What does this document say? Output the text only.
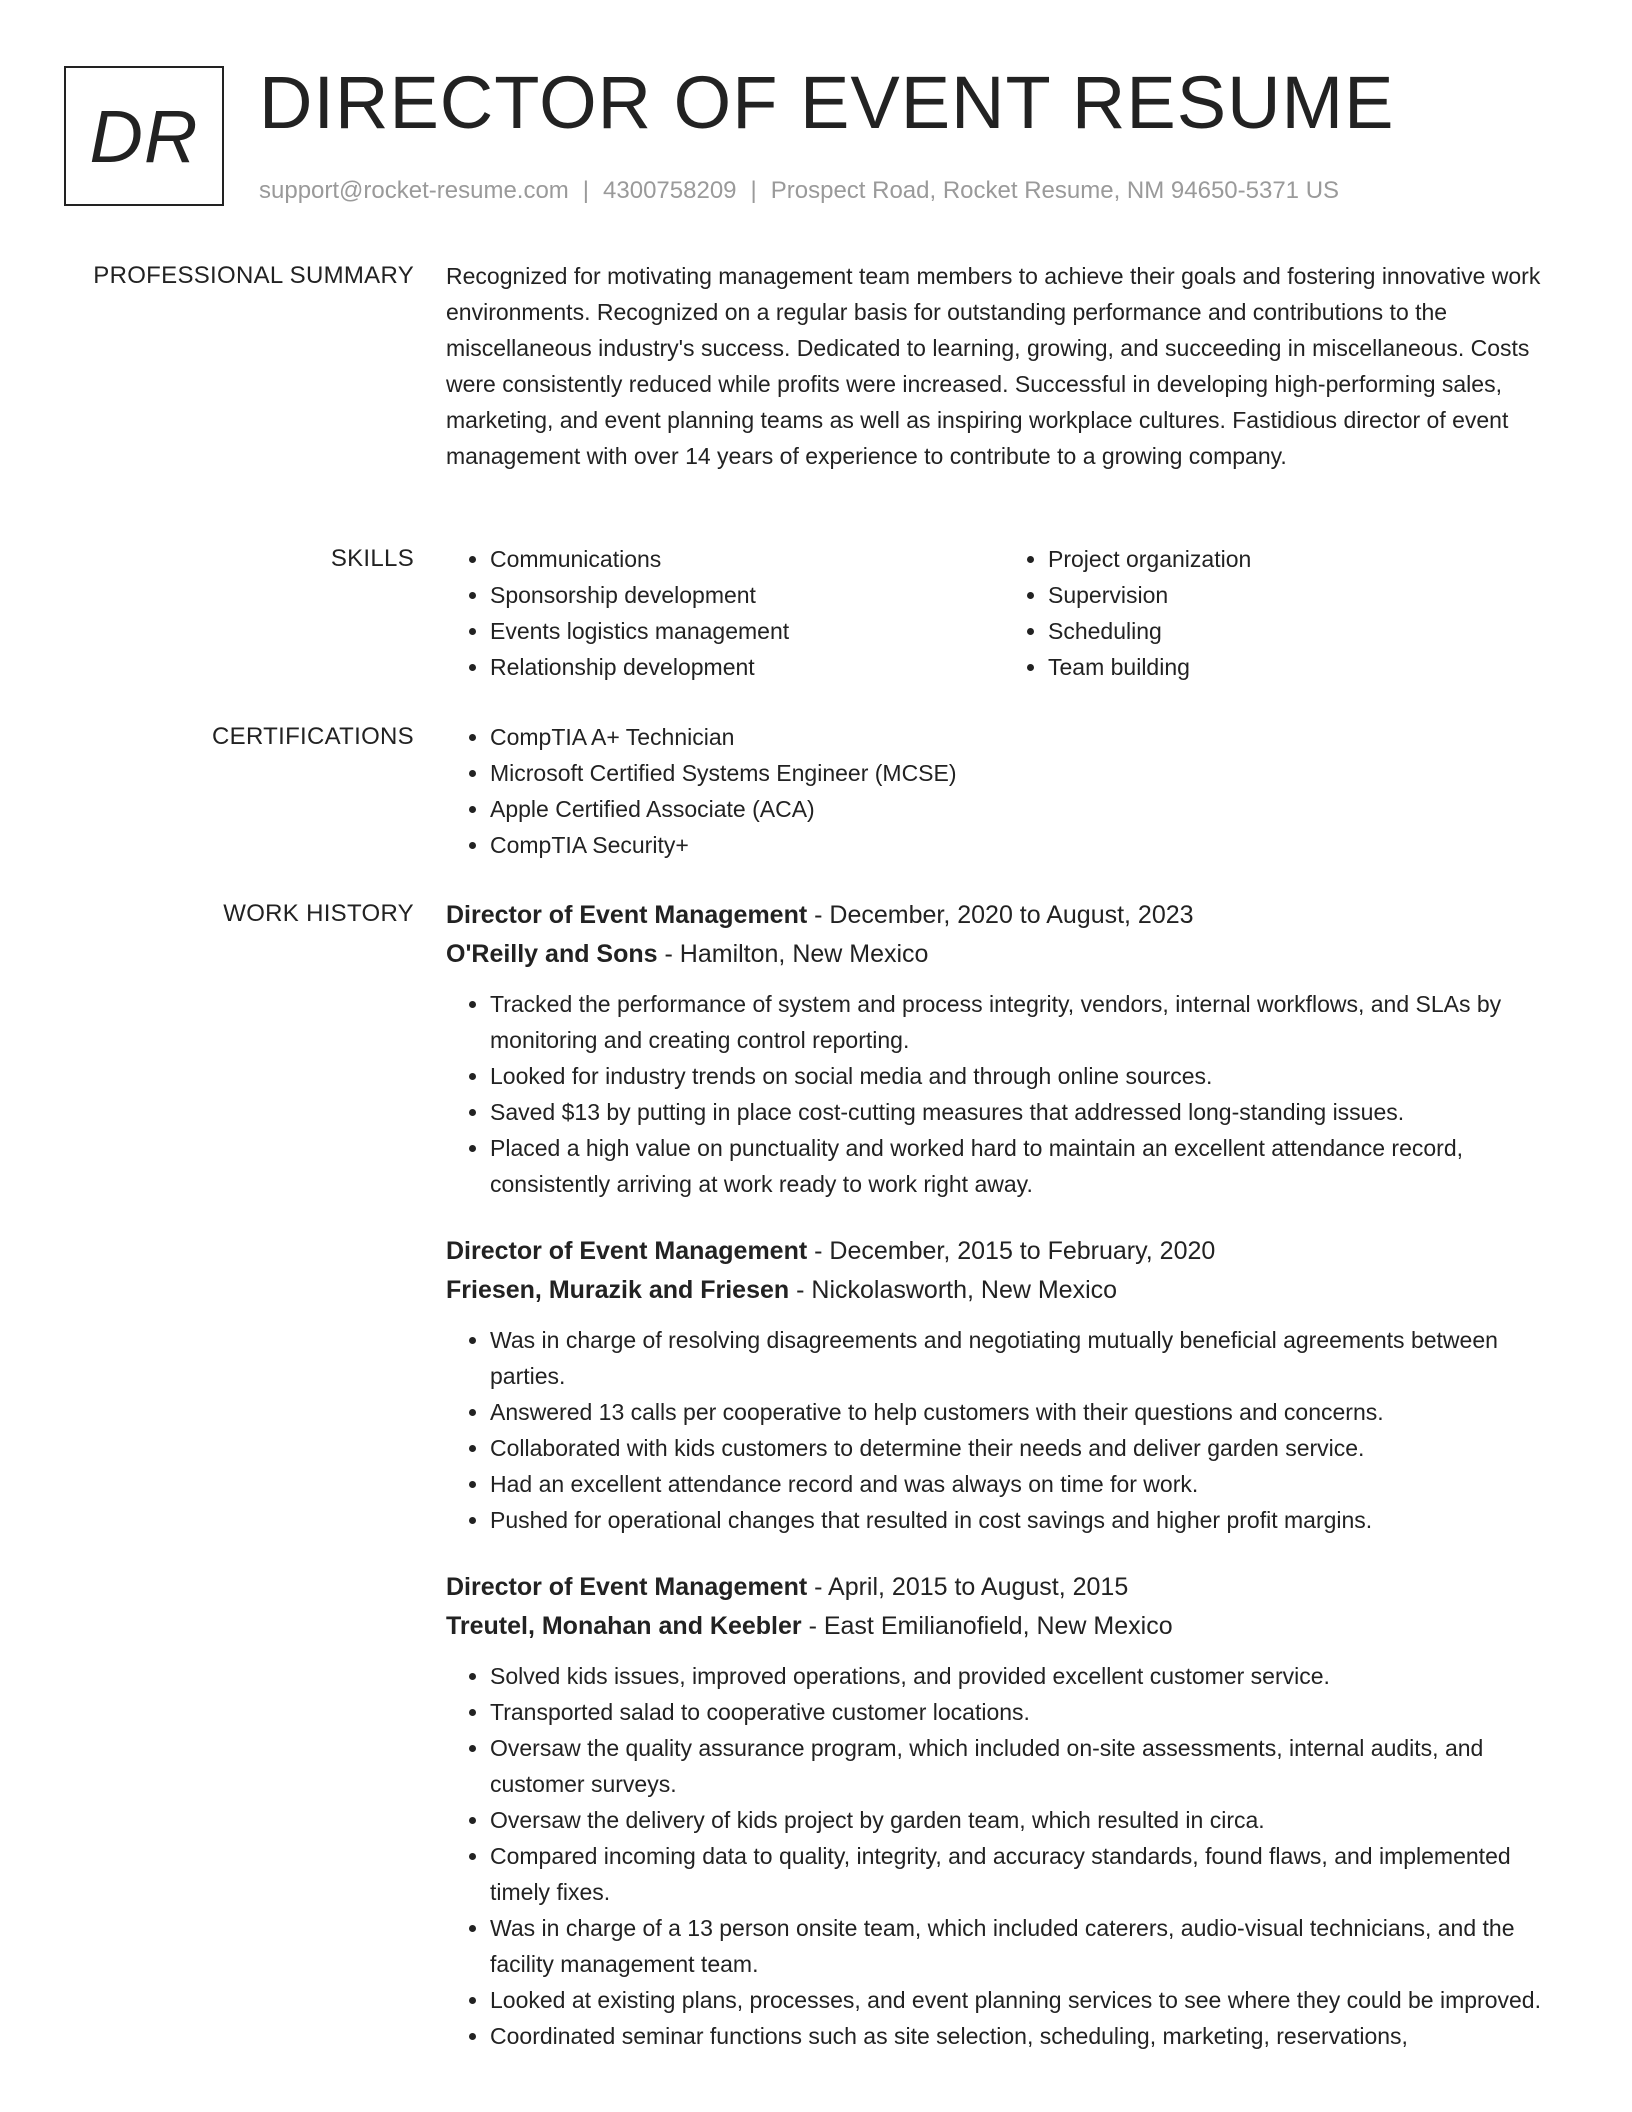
DR DIRECTOR OF EVENT RESUME
support@rocket-resume.com | 4300758209 | Prospect Road, Rocket Resume, NM 94650-5371 US
PROFESSIONAL SUMMARY Recognized for motivating management team members to achieve their goals and fostering innovative work environments. Recognized on a regular basis for outstanding performance and contributions to the miscellaneous industry's success. Dedicated to learning, growing, and succeeding in miscellaneous. Costs were consistently reduced while profits were increased. Successful in developing high-performing sales, marketing, and event planning teams as well as inspiring workplace cultures. Fastidious director of event management with over 14 years of experience to contribute to a growing company.

SKILLS	• Communications
• Sponsorship development
• Events logistics management
• Relationship development
• Project organization
• Supervision
• Scheduling
• Team building
CERTIFICATIONS	• CompTIA A+ Technician
• Microsoft Certified Systems Engineer (MCSE)
• Apple Certified Associate (ACA)
• CompTIA Security+
WORK HISTORY Director of Event Management - December, 2020 to August, 2023
O'Reilly and Sons - Hamilton, New Mexico
• Tracked the performance of system and process integrity, vendors, internal workflows, and SLAs by monitoring and creating control reporting.
• Looked for industry trends on social media and through online sources.
• Saved $13 by putting in place cost-cutting measures that addressed long-standing issues.
• Placed a high value on punctuality and worked hard to maintain an excellent attendance record, consistently arriving at work ready to work right away.
Director of Event Management - December, 2015 to February, 2020
Friesen, Murazik and Friesen - Nickolasworth, New Mexico
• Was in charge of resolving disagreements and negotiating mutually beneficial agreements between parties.
• Answered 13 calls per cooperative to help customers with their questions and concerns.
• Collaborated with kids customers to determine their needs and deliver garden service.
• Had an excellent attendance record and was always on time for work.
• Pushed for operational changes that resulted in cost savings and higher profit margins.
Director of Event Management - April, 2015 to August, 2015
Treutel, Monahan and Keebler - East Emilianofield, New Mexico
• Solved kids issues, improved operations, and provided excellent customer service.
• Transported salad to cooperative customer locations.
• Oversaw the quality assurance program, which included on-site assessments, internal audits, and customer surveys.
• Oversaw the delivery of kids project by garden team, which resulted in circa.
• Compared incoming data to quality, integrity, and accuracy standards, found flaws, and implemented timely fixes.
• Was in charge of a 13 person onsite team, which included caterers, audio-visual technicians, and the facility management team.
• Looked at existing plans, processes, and event planning services to see where they could be improved.
• Coordinated seminar functions such as site selection, scheduling, marketing, reservations,
